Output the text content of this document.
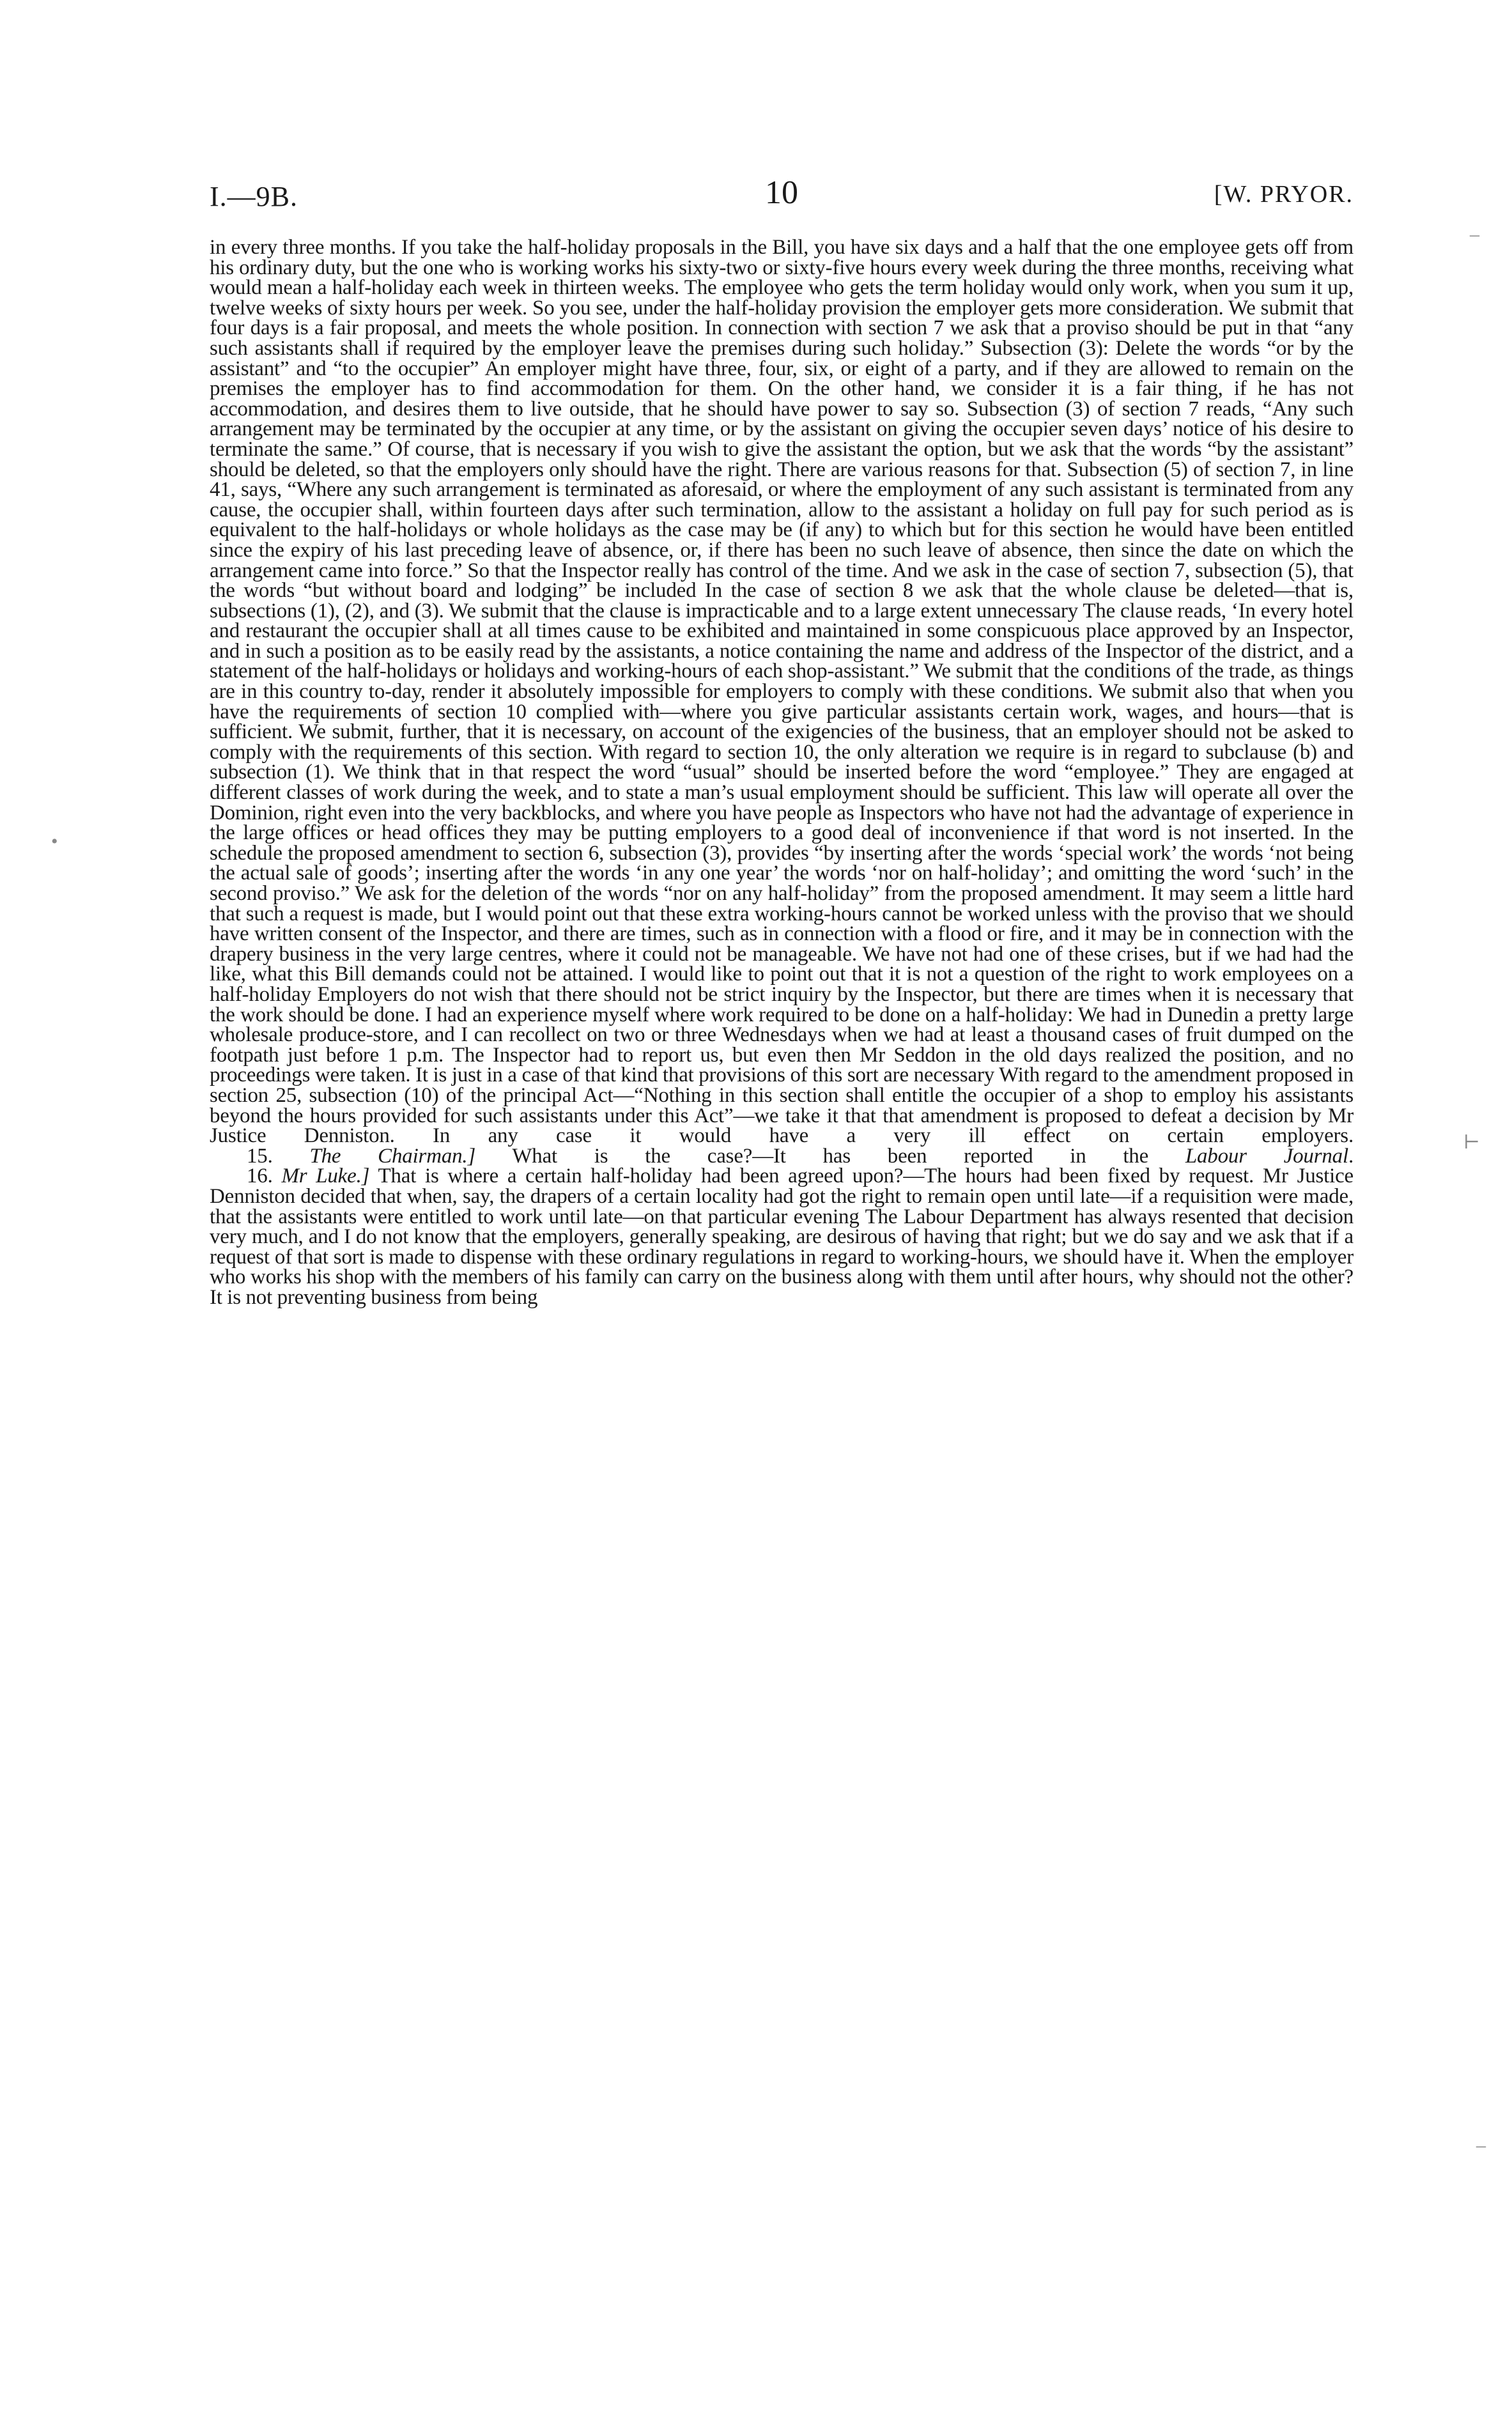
I.—9B.	10	[W. PRYOR.

in every three months. If you take the half-holiday proposals in the Bill, you have six days and a half that the one employee gets off from his ordinary duty, but the one who is working works his sixty-two or sixty-five hours every week during the three months, receiving what would mean a half-holiday each week in thirteen weeks. The employee who gets the term holiday would only work, when you sum it up, twelve weeks of sixty hours per week. So you see, under the half-holiday provision the employer gets more consideration. We submit that four days is a fair proposal, and meets the whole position. In connection with section 7 we ask that a proviso should be put in that “any such assistants shall if required by the employer leave the premises during such holiday.” Subsection (3): Delete the words “or by the assistant” and “to the occupier” An employer might have three, four, six, or eight of a party, and if they are allowed to remain on the premises the employer has to find accommodation for them. On the other hand, we consider it is a fair thing, if he has not accommodation, and desires them to live outside, that he should have power to say so. Subsection (3) of section 7 reads, “Any such arrangement may be terminated by the occupier at any time, or by the assistant on giving the occupier seven days’ notice of his desire to terminate the same.” Of course, that is necessary if you wish to give the assistant the option, but we ask that the words “by the assistant” should be deleted, so that the employers only should have the right. There are various reasons for that. Subsection (5) of section 7, in line 41, says, “Where any such arrangement is terminated as aforesaid, or where the employment of any such assistant is terminated from any cause, the occupier shall, within fourteen days after such termination, allow to the assistant a holiday on full pay for such period as is equivalent to the half-holidays or whole holidays as the case may be (if any) to which but for this section he would have been entitled since the expiry of his last preceding leave of absence, or, if there has been no such leave of absence, then since the date on which the arrangement came into force.” So that the Inspector really has control of the time. And we ask in the case of section 7, subsection (5), that the words “but without board and lodging” be included In the case of section 8 we ask that the whole clause be deleted—that is, subsections (1), (2), and (3). We submit that the clause is impracticable and to a large extent unnecessary The clause reads, ‘In every hotel and restaurant the occupier shall at all times cause to be exhibited and maintained in some conspicuous place approved by an Inspector, and in such a position as to be easily read by the assistants, a notice containing the name and address of the Inspector of the district, and a statement of the half-holidays or holidays and working-hours of each shop-assistant.” We submit that the conditions of the trade, as things are in this country to-day, render it absolutely impossible for employers to comply with these conditions. We submit also that when you have the requirements of section 10 complied with—where you give particular assistants certain work, wages, and hours—that is sufficient. We submit, further, that it is necessary, on account of the exigencies of the business, that an employer should not be asked to comply with the requirements of this section. With regard to section 10, the only alteration we require is in regard to subclause (b) and subsection (1). We think that in that respect the word “usual” should be inserted before the word “employee.” They are engaged at different classes of work during the week, and to state a man’s usual employment should be sufficient. This law will operate all over the Dominion, right even into the very backblocks, and where you have people as Inspectors who have not had the advantage of experience in the large offices or head offices they may be putting employers to a good deal of inconvenience if that word is not inserted. In the schedule the proposed amendment to section 6, subsection (3), provides “by inserting after the words ‘special work’ the words ‘not being the actual sale of goods’; inserting after the words ‘in any one year’ the words ‘nor on half-holiday’; and omitting the word ‘such’ in the second proviso.” We ask for the deletion of the words “nor on any half-holiday” from the proposed amendment. It may seem a little hard that such a request is made, but I would point out that these extra working-hours cannot be worked unless with the proviso that we should have written consent of the Inspector, and there are times, such as in connection with a flood or fire, and it may be in connection with the drapery business in the very large centres, where it could not be manageable. We have not had one of these crises, but if we had had the like, what this Bill demands could not be attained. I would like to point out that it is not a question of the right to work employees on a half-holiday Employers do not wish that there should not be strict inquiry by the Inspector, but there are times when it is necessary that the work should be done. I had an experience myself where work required to be done on a half-holiday: We had in Dunedin a pretty large wholesale produce-store, and I can recollect on two or three Wednesdays when we had at least a thousand cases of fruit dumped on the footpath just before 1 p.m. The Inspector had to report us, but even then Mr Seddon in the old days realized the position, and no proceedings were taken. It is just in a case of that kind that provisions of this sort are necessary With regard to the amendment proposed in section 25, subsection (10) of the principal Act—“Nothing in this section shall entitle the occupier of a shop to employ his assistants beyond the hours provided for such assistants under this Act”—we take it that that amendment is proposed to defeat a decision by Mr Justice Denniston. In any case it would have a very ill effect on certain employers.

15. The Chairman.] What is the case?—It has been reported in the Labour Journal.

16. Mr Luke.] That is where a certain half-holiday had been agreed upon?—The hours had been fixed by request. Mr Justice Denniston decided that when, say, the drapers of a certain locality had got the right to remain open until late—if a requisition were made, that the assistants were entitled to work until late—on that particular evening The Labour Department has always resented that decision very much, and I do not know that the employers, generally speaking, are desirous of having that right; but we do say and we ask that if a request of that sort is made to dispense with these ordinary regulations in regard to working-hours, we should have it. When the employer who works his shop with the members of his family can carry on the business along with them until after hours, why should not the other? It is not preventing business from being

⊢
–
–
•
